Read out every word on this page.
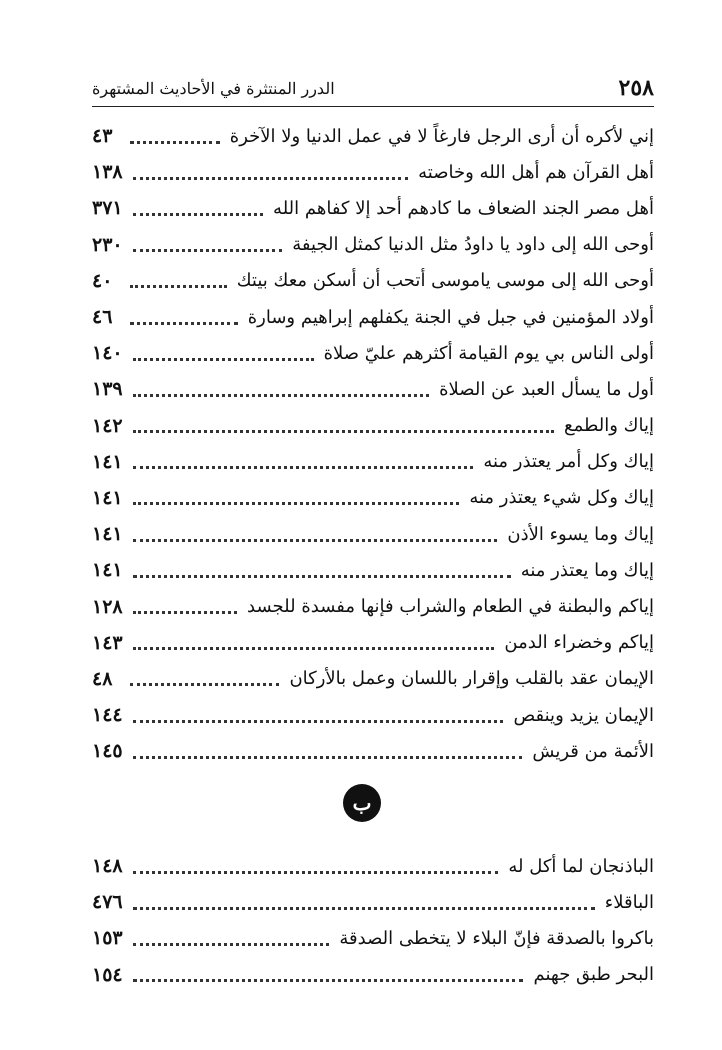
٢٥٨
الدرر المنتثرة في الأحاديث المشتهرة
إني لأكره أن أرى الرجل فارغاً لا في عمل الدنيا ولا الآخرة
٤٣
أهل القرآن هم أهل الله وخاصته
١٣٨
أهل مصر الجند الضعاف ما كادهم أحد إلا كفاهم الله
٣٧١
أوحى الله إلى داود يا داودُ مثل الدنيا كمثل الجيفة
٢٣٠
أوحى الله إلى موسى ياموسى أتحب أن أسكن معك بيتك
٤٠
أولاد المؤمنين في جبل في الجنة يكفلهم إبراهيم وسارة
٤٦
أولى الناس بي يوم القيامة أكثرهم عليّ صلاة
١٤٠
أول ما يسأل العبد عن الصلاة
١٣٩
إياك والطمع
١٤٢
إياك وكل أمر يعتذر منه
١٤١
إياك وكل شيء يعتذر منه
١٤١
إياك وما يسوء الأذن
١٤١
إياك وما يعتذر منه
١٤١
إياكم والبطنة في الطعام والشراب فإنها مفسدة للجسد
١٢٨
إياكم وخضراء الدمن
١٤٣
الإيمان عقد بالقلب وإقرار باللسان وعمل بالأركان
٤٨
الإيمان يزيد وينقص
١٤٤
الأئمة من قريش
١٤٥
ب
الباذنجان لما أكل له
١٤٨
الباقلاء
٤٧٦
باكروا بالصدقة فإنّ البلاء لا يتخطى الصدقة
١٥٣
البحر طبق جهنم
١٥٤
